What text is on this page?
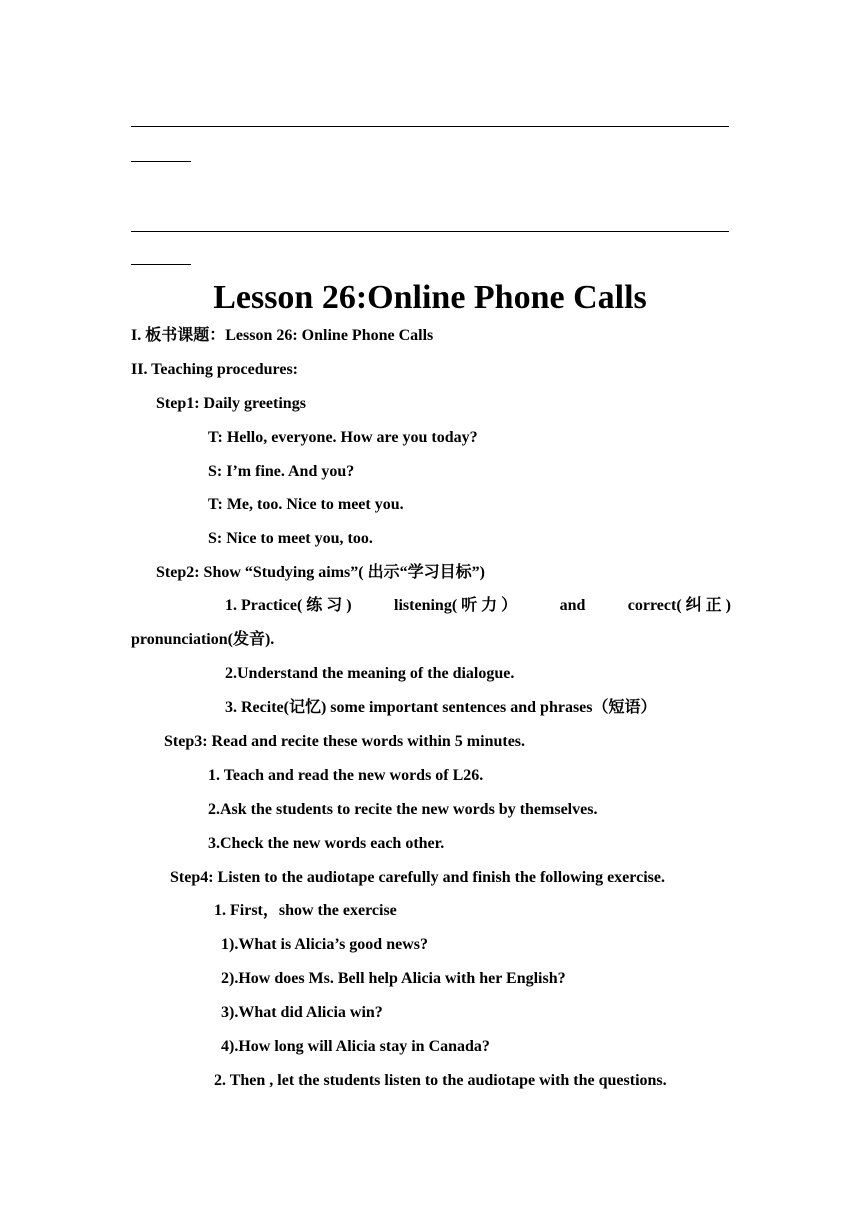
Lesson 26:Online Phone Calls
I. 板书课题：Lesson 26: Online Phone Calls
II. Teaching procedures:
Step1: Daily greetings
T: Hello, everyone. How are you today?
S: I’m fine. And you?
T: Me, too. Nice to meet you.
S: Nice to meet you, too.
Step2: Show “Studying aims”( 出示“学习目标”)
1. Practice( 练 习 )	listening( 听 力 ）	and	correct( 纠 正 )
pronunciation(发音).
2.Understand the meaning of the dialogue.
3. Recite(记忆) some important sentences and phrases（短语）
Step3: Read and recite these words within 5 minutes.
1. Teach and read the new words of L26.
2.Ask the students to recite the new words by themselves.
3.Check the new words each other.
Step4: Listen to the audiotape carefully and finish the following exercise.
1. First，show the exercise
1).What is Alicia’s good news?
2).How does Ms. Bell help Alicia with her English?
3).What did Alicia win?
4).How long will Alicia stay in Canada?
2. Then , let the students listen to the audiotape with the questions.
